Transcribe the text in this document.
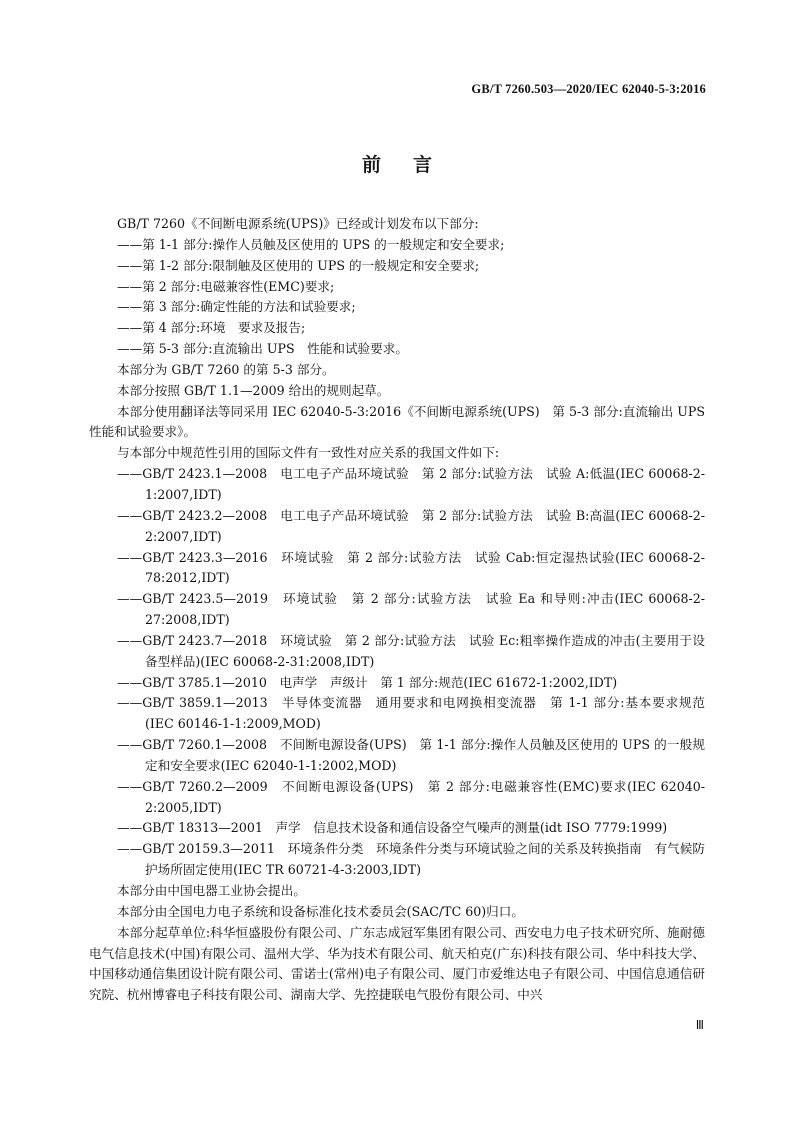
GB/T 7260.503—2020/IEC 62040-5-3:2016
前言

GB/T 7260《不间断电源系统(UPS)》已经或计划发布以下部分:

——第 1-1 部分:操作人员触及区使用的 UPS 的一般规定和安全要求;

——第 1-2 部分:限制触及区使用的 UPS 的一般规定和安全要求;

——第 2 部分:电磁兼容性(EMC)要求;

——第 3 部分:确定性能的方法和试验要求;

——第 4 部分:环境　要求及报告;

——第 5-3 部分:直流输出 UPS　性能和试验要求。

本部分为 GB/T 7260 的第 5-3 部分。

本部分按照 GB/T 1.1—2009 给出的规则起草。

本部分使用翻译法等同采用 IEC 62040-5-3:2016《不间断电源系统(UPS)　第 5-3 部分:直流输出 UPS　性能和试验要求》。

与本部分中规范性引用的国际文件有一致性对应关系的我国文件如下:

——GB/T 2423.1—2008　电工电子产品环境试验　第 2 部分:试验方法　试验 A:低温(IEC 60068-2-1:2007,IDT)

——GB/T 2423.2—2008　电工电子产品环境试验　第 2 部分:试验方法　试验 B:高温(IEC 60068-2-2:2007,IDT)

——GB/T 2423.3—2016　环境试验　第 2 部分:试验方法　试验 Cab:恒定湿热试验(IEC 60068-2-78:2012,IDT)

——GB/T 2423.5—2019　环境试验　第 2 部分:试验方法　试验 Ea 和导则:冲击(IEC 60068-2-27:2008,IDT)

——GB/T 2423.7—2018　环境试验　第 2 部分:试验方法　试验 Ec:粗率操作造成的冲击(主要用于设备型样品)(IEC 60068-2-31:2008,IDT)

——GB/T 3785.1—2010　电声学　声级计　第 1 部分:规范(IEC 61672-1:2002,IDT)

——GB/T 3859.1—2013　半导体变流器　通用要求和电网换相变流器　第 1-1 部分:基本要求规范(IEC 60146-1-1:2009,MOD)

——GB/T 7260.1—2008　不间断电源设备(UPS)　第 1-1 部分:操作人员触及区使用的 UPS 的一般规定和安全要求(IEC 62040-1-1:2002,MOD)

——GB/T 7260.2—2009　不间断电源设备(UPS)　第 2 部分:电磁兼容性(EMC)要求(IEC 62040-2:2005,IDT)

——GB/T 18313—2001　声学　信息技术设备和通信设备空气噪声的测量(idt ISO 7779:1999)

——GB/T 20159.3—2011　环境条件分类　环境条件分类与环境试验之间的关系及转换指南　有气候防护场所固定使用(IEC TR 60721-4-3:2003,IDT)

本部分由中国电器工业协会提出。

本部分由全国电力电子系统和设备标准化技术委员会(SAC/TC 60)归口。

本部分起草单位:科华恒盛股份有限公司、广东志成冠军集团有限公司、西安电力电子技术研究所、施耐德电气信息技术(中国)有限公司、温州大学、华为技术有限公司、航天柏克(广东)科技有限公司、华中科技大学、中国移动通信集团设计院有限公司、雷诺士(常州)电子有限公司、厦门市爱维达电子有限公司、中国信息通信研究院、杭州博睿电子科技有限公司、湖南大学、先控捷联电气股份有限公司、中兴

Ⅲ
